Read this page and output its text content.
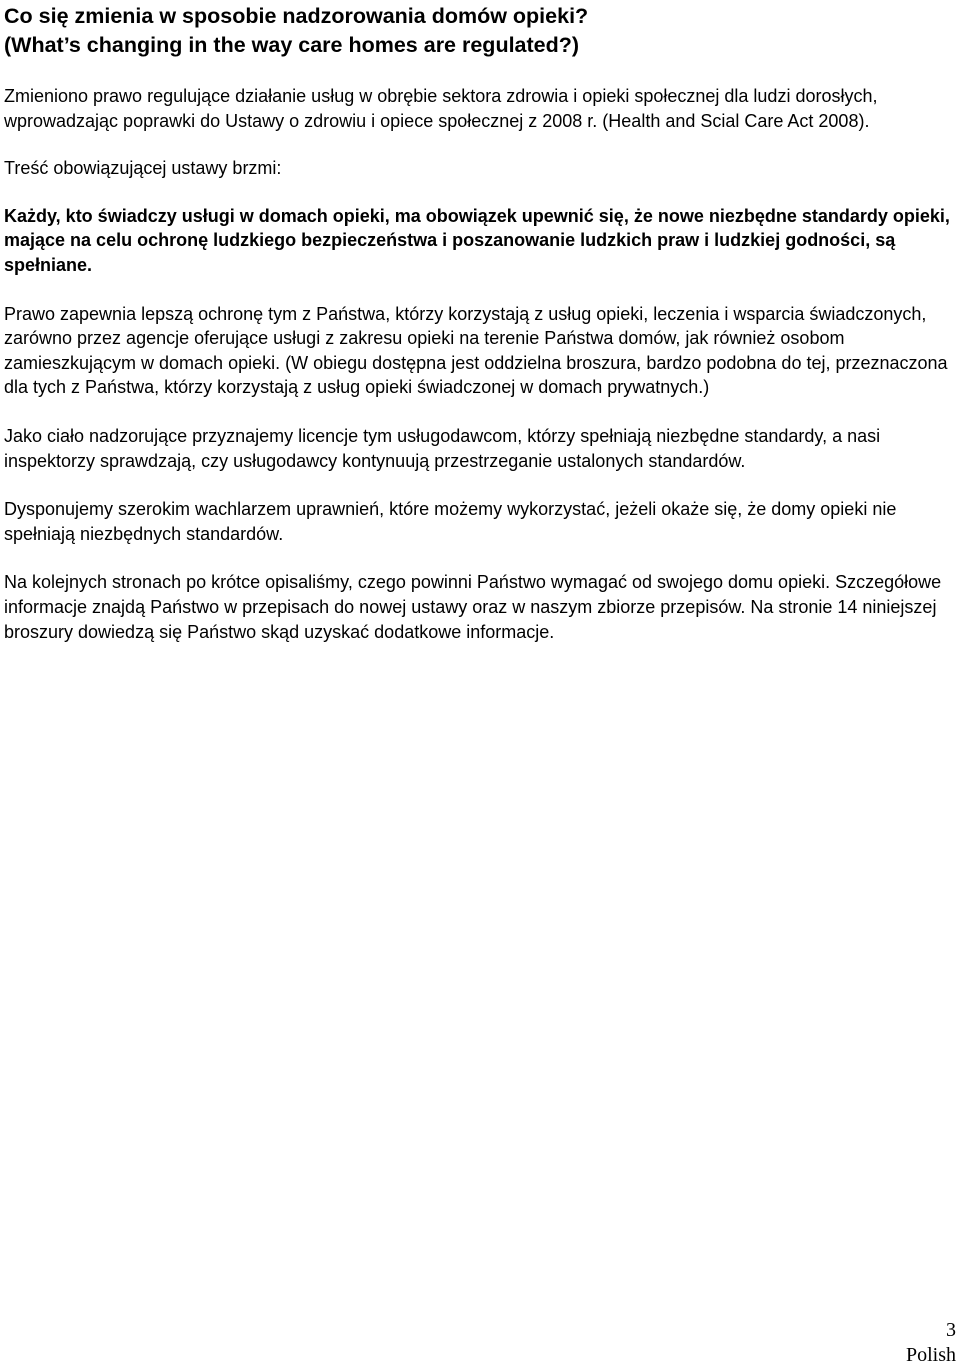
Co się zmienia w sposobie nadzorowania domów opieki?
(What’s changing in the way care homes are regulated?)

Zmieniono prawo regulujące działanie usług w obrębie sektora zdrowia i opieki społecznej dla ludzi dorosłych, wprowadzając poprawki do Ustawy o zdrowiu i opiece społecznej z 2008 r. (Health and Scial Care Act 2008).

Treść obowiązującej ustawy brzmi:

Każdy, kto świadczy usługi w domach opieki, ma obowiązek upewnić się, że nowe niezbędne standardy opieki, mające na celu ochronę ludzkiego bezpieczeństwa i poszanowanie ludzkich praw i ludzkiej godności, są spełniane.

Prawo zapewnia lepszą ochronę tym z Państwa, którzy korzystają z usług opieki, leczenia i wsparcia świadczonych, zarówno przez agencje oferujące usługi z zakresu opieki na terenie Państwa domów, jak również osobom zamieszkującym w domach opieki. (W obiegu dostępna jest oddzielna broszura, bardzo podobna do tej, przeznaczona dla tych z Państwa, którzy korzystają z usług opieki świadczonej w domach prywatnych.)

Jako ciało nadzorujące przyznajemy licencje tym usługodawcom, którzy spełniają niezbędne standardy, a nasi inspektorzy sprawdzają, czy usługodawcy kontynuują przestrzeganie ustalonych standardów.

Dysponujemy szerokim wachlarzem uprawnień, które możemy wykorzystać, jeżeli okaże się, że domy opieki nie spełniają niezbędnych standardów.

Na kolejnych stronach po krótce opisaliśmy, czego powinni Państwo wymagać od swojego domu opieki. Szczegółowe informacje znajdą Państwo w przepisach do nowej ustawy oraz w naszym zbiorze przepisów. Na stronie 14 niniejszej broszury dowiedzą się Państwo skąd uzyskać dodatkowe informacje.

3
Polish
